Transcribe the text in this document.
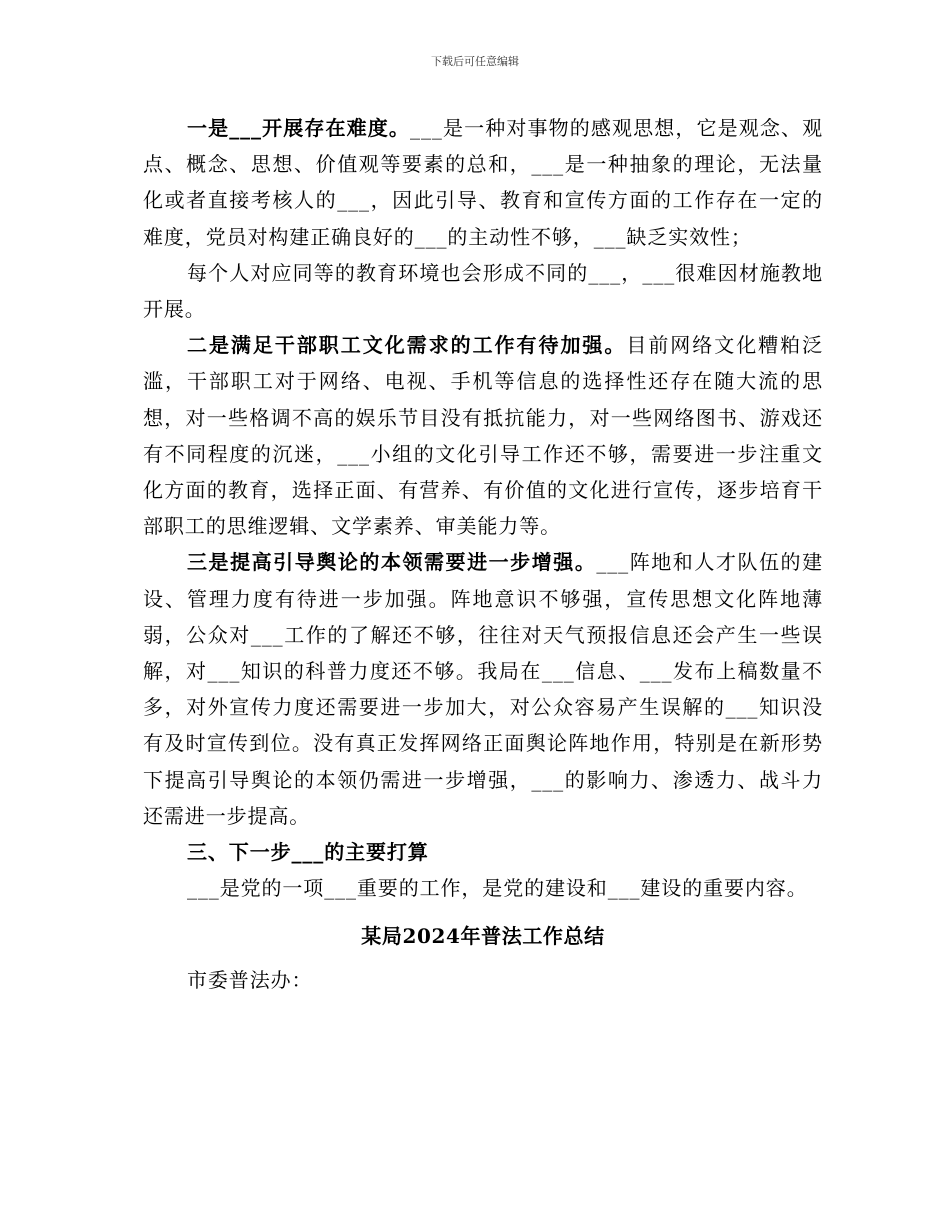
下载后可任意编辑

一是___开展存在难度。___是一种对事物的感观思想，它是观念、观点、概念、思想、价值观等要素的总和，___是一种抽象的理论，无法量化或者直接考核人的___，因此引导、教育和宣传方面的工作存在一定的难度，党员对构建正确良好的___的主动性不够，___缺乏实效性；

每个人对应同等的教育环境也会形成不同的___，___很难因材施教地开展。

二是满足干部职工文化需求的工作有待加强。目前网络文化糟粕泛滥，干部职工对于网络、电视、手机等信息的选择性还存在随大流的思想，对一些格调不高的娱乐节目没有抵抗能力，对一些网络图书、游戏还有不同程度的沉迷，___小组的文化引导工作还不够，需要进一步注重文化方面的教育，选择正面、有营养、有价值的文化进行宣传，逐步培育干部职工的思维逻辑、文学素养、审美能力等。

三是提高引导舆论的本领需要进一步增强。___阵地和人才队伍的建设、管理力度有待进一步加强。阵地意识不够强，宣传思想文化阵地薄弱，公众对___工作的了解还不够，往往对天气预报信息还会产生一些误解，对___知识的科普力度还不够。我局在___信息、___发布上稿数量不多，对外宣传力度还需要进一步加大，对公众容易产生误解的___知识没有及时宣传到位。没有真正发挥网络正面舆论阵地作用，特别是在新形势下提高引导舆论的本领仍需进一步增强，___的影响力、渗透力、战斗力还需进一步提高。

三、下一步___的主要打算

___是党的一项___重要的工作，是党的建设和___建设的重要内容。

某局2024年普法工作总结

市委普法办：
